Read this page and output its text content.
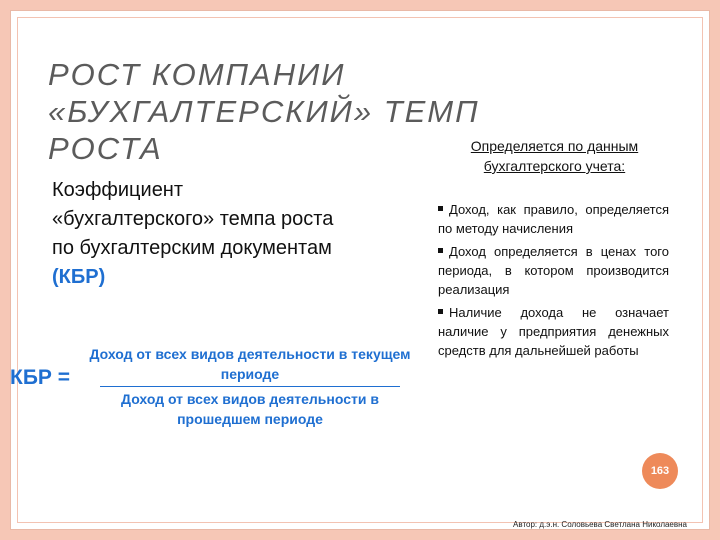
РОСТ КОМПАНИИ
«БУХГАЛТЕРСКИЙ» ТЕМП
РОСТА
Коэффициент «бухгалтерского» темпа роста по бухгалтерским документам (КБР)
КБР =
Доход от всех видов деятельности в текущем периоде
Доход от всех видов деятельности в прошедшем периоде
Определяется по данным бухгалтерского учета:
Доход, как правило, определяется по методу начисления
Доход определяется в ценах того периода, в котором производится реализация
Наличие дохода не означает наличие у предприятия денежных средств для дальнейшей работы
163
Автор: д.э.н. Соловьева Светлана Николаевна
